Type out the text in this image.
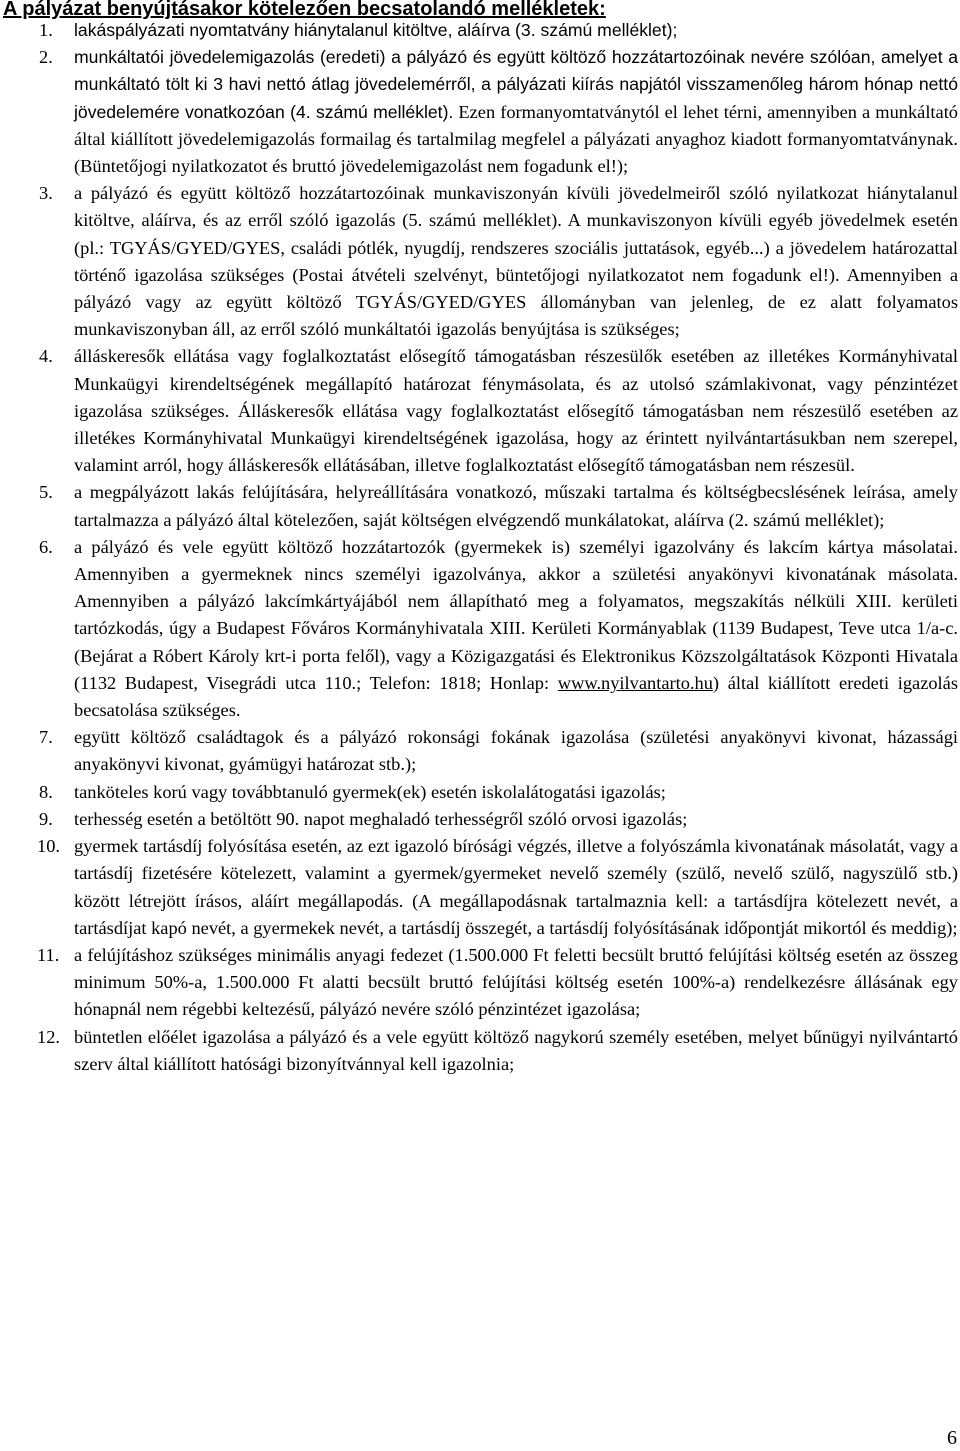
A pályázat benyújtásakor kötelezően becsatolandó mellékletek:
1. lakáspályázati nyomtatvány hiánytalanul kitöltve, aláírva (3. számú melléklet);
2. munkáltatói jövedelemigazolás (eredeti) a pályázó és együtt költöző hozzátartozóinak nevére szólóan, amelyet a munkáltató tölt ki 3 havi nettó átlag jövedelemérről, a pályázati kiírás napjától visszamenőleg három hónap nettó jövedelemére vonatkozóan (4. számú melléklet). Ezen formanyomtatványtól el lehet térni, amennyiben a munkáltató által kiállított jövedelemigazolás formailag és tartalmilag megfelel a pályázati anyaghoz kiadott formanyomtatványnak. (Büntetőjogi nyilatkozatot és bruttó jövedelemigazolást nem fogadunk el!);
3. a pályázó és együtt költöző hozzátartozóinak munkaviszonyán kívüli jövedelmeiről szóló nyilatkozat hiánytalanul kitöltve, aláírva, és az erről szóló igazolás (5. számú melléklet). A munkaviszonyon kívüli egyéb jövedelmek esetén (pl.: TGYÁS/GYED/GYES, családi pótlék, nyugdíj, rendszeres szociális juttatások, egyéb...) a jövedelem határozattal történő igazolása szükséges (Postai átvételi szelvényt, büntetőjogi nyilatkozatot nem fogadunk el!). Amennyiben a pályázó vagy az együtt költöző TGYÁS/GYED/GYES állományban van jelenleg, de ez alatt folyamatos munkaviszonyban áll, az erről szóló munkáltatói igazolás benyújtása is szükséges;
4. álláskeresők ellátása vagy foglalkoztatást elősegítő támogatásban részesülők esetében az illetékes Kormányhivatal Munkaügyi kirendeltségének megállapító határozat fénymásolata, és az utolsó számlakivonat, vagy pénzintézet igazolása szükséges. Álláskeresők ellátása vagy foglalkoztatást elősegítő támogatásban nem részesülő esetében az illetékes Kormányhivatal Munkaügyi kirendeltségének igazolása, hogy az érintett nyilvántartásukban nem szerepel, valamint arról, hogy álláskeresők ellátásában, illetve foglalkoztatást elősegítő támogatásban nem részesül.
5. a megpályázott lakás felújítására, helyreállítására vonatkozó, műszaki tartalma és költségbecslésének leírása, amely tartalmazza a pályázó által kötelezően, saját költségen elvégzendő munkálatokat, aláírva (2. számú melléklet);
6. a pályázó és vele együtt költöző hozzátartozók (gyermekek is) személyi igazolvány és lakcím kártya másolatai. Amennyiben a gyermeknek nincs személyi igazolványa, akkor a születési anyakönyvi kivonatának másolata. Amennyiben a pályázó lakcímkártyájából nem állapítható meg a folyamatos, megszakítás nélküli XIII. kerületi tartózkodás, úgy a Budapest Főváros Kormányhivatala XIII. Kerületi Kormányablak (1139 Budapest, Teve utca 1/a-c. (Bejárat a Róbert Károly krt-i porta felől), vagy a Közigazgatási és Elektronikus Közszolgáltatások Központi Hivatala (1132 Budapest, Visegrádi utca 110.; Telefon: 1818; Honlap: www.nyilvantarto.hu) által kiállított eredeti igazolás becsatolása szükséges.
7. együtt költöző családtagok és a pályázó rokonsági fokának igazolása (születési anyakönyvi kivonat, házassági anyakönyvi kivonat, gyámügyi határozat stb.);
8. tanköteles korú vagy továbbtanuló gyermek(ek) esetén iskolalátogatási igazolás;
9. terhesség esetén a betöltött 90. napot meghaladó terhességről szóló orvosi igazolás;
10. gyermek tartásdíj folyósítása esetén, az ezt igazoló bírósági végzés, illetve a folyószámla kivonatának másolatát, vagy a tartásdíj fizetésére kötelezett, valamint a gyermek/gyermeket nevelő személy (szülő, nevelő szülő, nagyszülő stb.) között létrejött írásos, aláírt megállapodás. (A megállapodásnak tartalmaznia kell: a tartásdíjra kötelezett nevét, a tartásdíjat kapó nevét, a gyermekek nevét, a tartásdíj összegét, a tartásdíj folyósításának időpontját mikortól és meddig);
11. a felújításhoz szükséges minimális anyagi fedezet (1.500.000 Ft feletti becsült bruttó felújítási költség esetén az összeg minimum 50%-a, 1.500.000 Ft alatti becsült bruttó felújítási költség esetén 100%-a) rendelkezésre állásának egy hónapnál nem régebbi keltezésű, pályázó nevére szóló pénzintézet igazolása;
12. büntetlen előélet igazolása a pályázó és a vele együtt költöző nagykorú személy esetében, melyet bűnügyi nyilvántartó szerv által kiállított hatósági bizonyítvánnyal kell igazolnia;
6
